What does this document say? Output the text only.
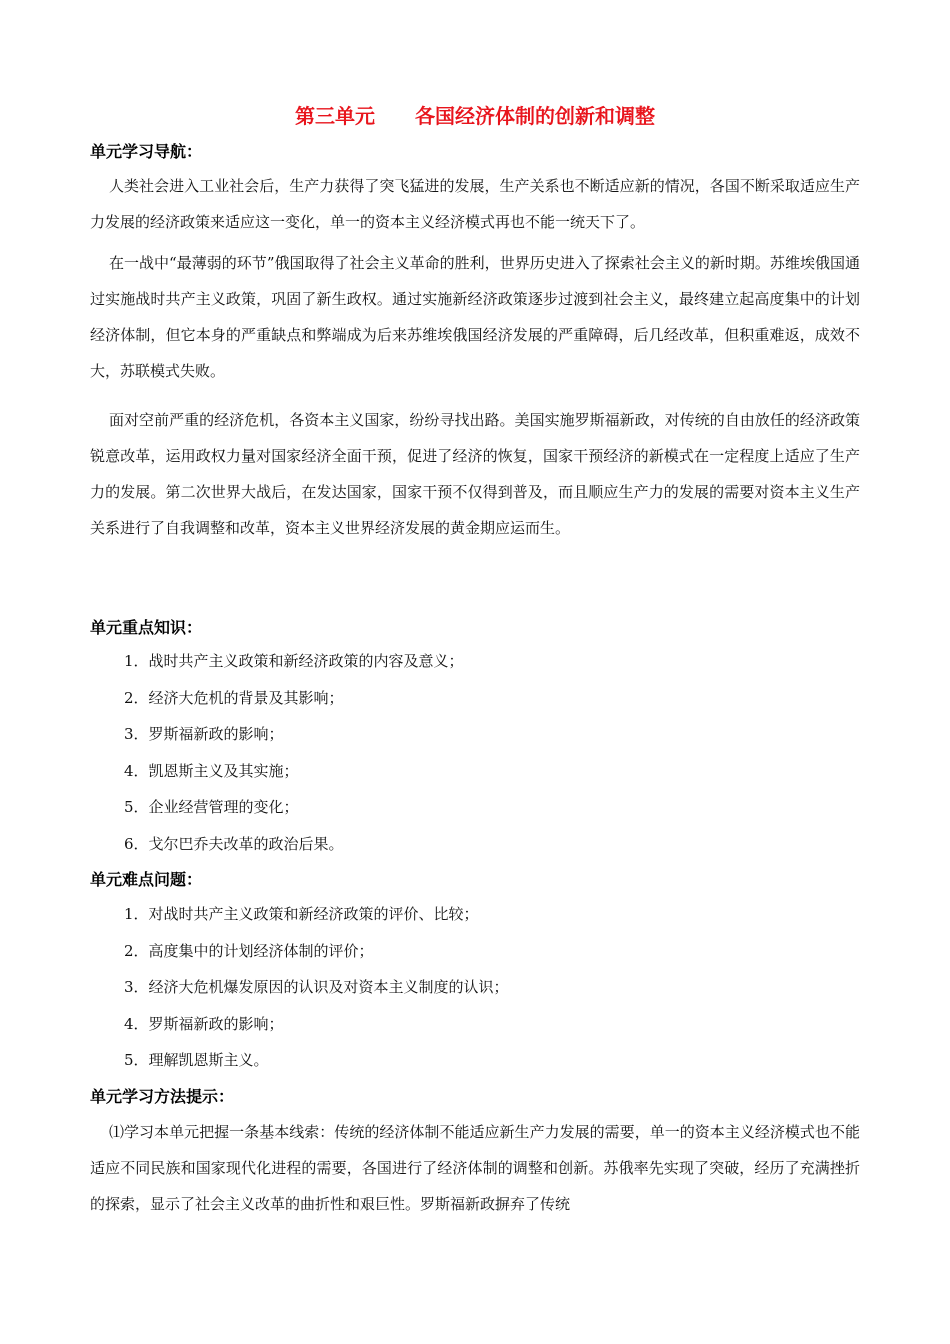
第三单元　　各国经济体制的创新和调整
单元学习导航：

人类社会进入工业社会后，生产力获得了突飞猛进的发展，生产关系也不断适应新的情况，各国不断采取适应生产力发展的经济政策来适应这一变化，单一的资本主义经济模式再也不能一统天下了。

在一战中“最薄弱的环节”俄国取得了社会主义革命的胜利，世界历史进入了探索社会主义的新时期。苏维埃俄国通过实施战时共产主义政策，巩固了新生政权。通过实施新经济政策逐步过渡到社会主义，最终建立起高度集中的计划经济体制，但它本身的严重缺点和弊端成为后来苏维埃俄国经济发展的严重障碍，后几经改革，但积重难返，成效不大，苏联模式失败。

面对空前严重的经济危机，各资本主义国家，纷纷寻找出路。美国实施罗斯福新政，对传统的自由放任的经济政策锐意改革，运用政权力量对国家经济全面干预，促进了经济的恢复，国家干预经济的新模式在一定程度上适应了生产力的发展。第二次世界大战后，在发达国家，国家干预不仅得到普及，而且顺应生产力的发展的需要对资本主义生产关系进行了自我调整和改革，资本主义世界经济发展的黄金期应运而生。

单元重点知识：
1．战时共产主义政策和新经济政策的内容及意义；
2．经济大危机的背景及其影响；
3．罗斯福新政的影响；
4．凯恩斯主义及其实施；
5．企业经营管理的变化；
6．戈尔巴乔夫改革的政治后果。
单元难点问题：
1．对战时共产主义政策和新经济政策的评价、比较；
2．高度集中的计划经济体制的评价；
3．经济大危机爆发原因的认识及对资本主义制度的认识；
4．罗斯福新政的影响；
5．理解凯恩斯主义。
单元学习方法提示：

⑴学习本单元把握一条基本线索：传统的经济体制不能适应新生产力发展的需要，单一的资本主义经济模式也不能适应不同民族和国家现代化进程的需要，各国进行了经济体制的调整和创新。苏俄率先实现了突破，经历了充满挫折的探索，显示了社会主义改革的曲折性和艰巨性。罗斯福新政摒弃了传统
